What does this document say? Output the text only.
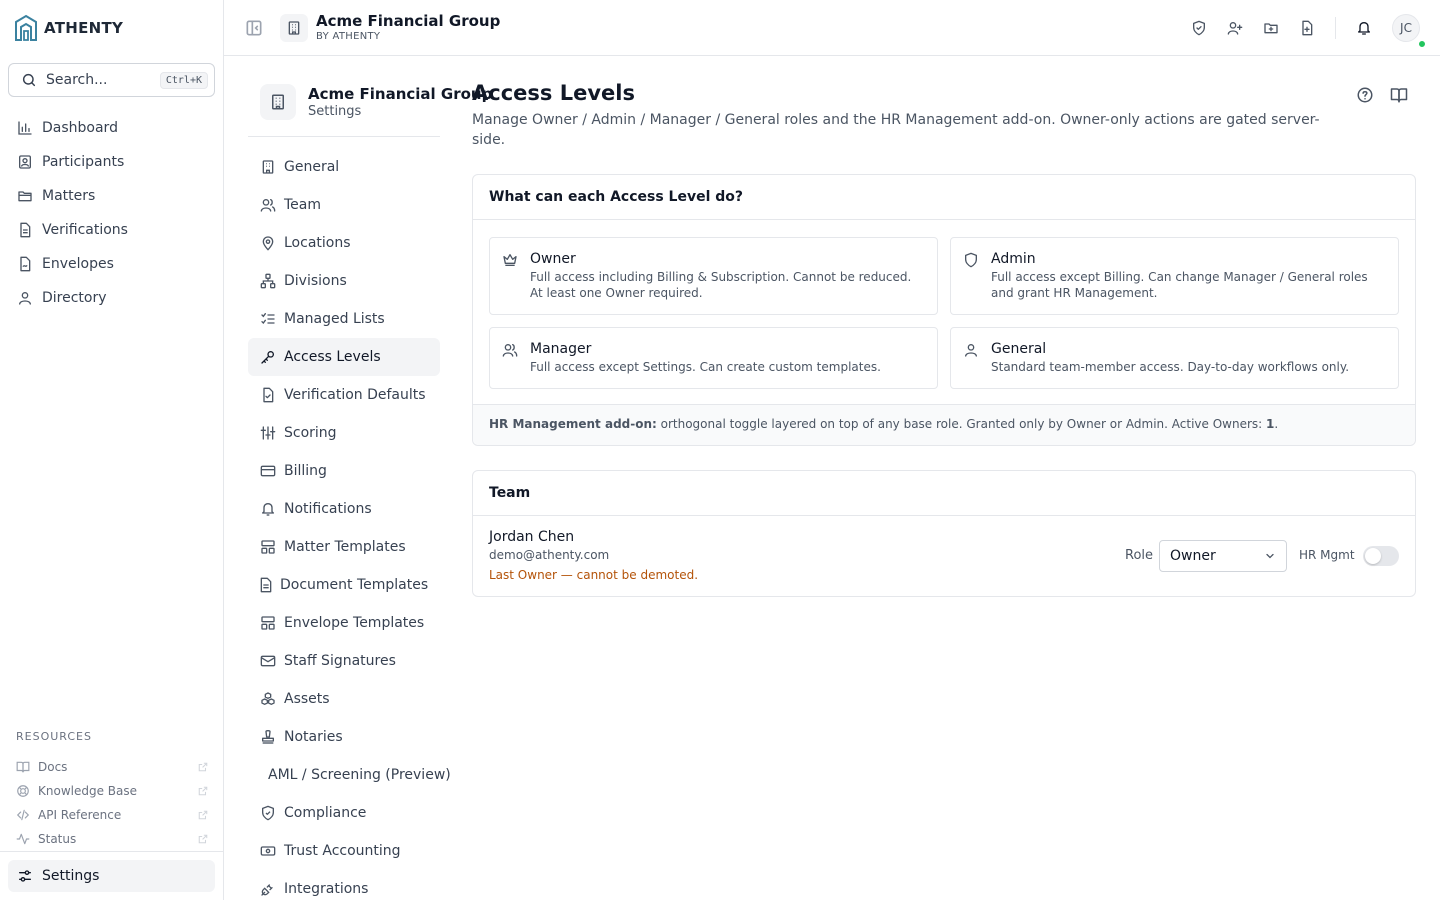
ATHENTY
Search...	Ctrl+K
Dashboard
Participants
Matters
Verifications
Envelopes
Directory
RESOURCES
Docs
Knowledge Base
API Reference
Status
Settings
Acme Financial Group
BY ATHENTY
JC
Acme Financial Group
Settings
General
Team
Locations
Divisions
Managed Lists
Access Levels
Verification Defaults
Scoring
Billing
Notifications
Matter Templates
Document Templates
Envelope Templates
Staff Signatures
Assets
Notaries
AML / Screening (Preview)
Compliance
Trust Accounting
Integrations
Access Levels

Manage Owner / Admin / Manager / General roles and the HR Management add-on. Owner-only actions are gated server-side.

What can each Access Level do?
Owner
Full access including Billing & Subscription. Cannot be reduced. At least one Owner required.
Admin
Full access except Billing. Can change Manager / General roles and grant HR Management.
Manager
Full access except Settings. Can create custom templates.
General
Standard team-member access. Day-to-day workflows only.
HR Management add-on: orthogonal toggle layered on top of any base role. Granted only by Owner or Admin. Active Owners: 1.
Team
Jordan Chen
demo@athenty.com
Last Owner — cannot be demoted.
Role Owner	HR Mgmt
